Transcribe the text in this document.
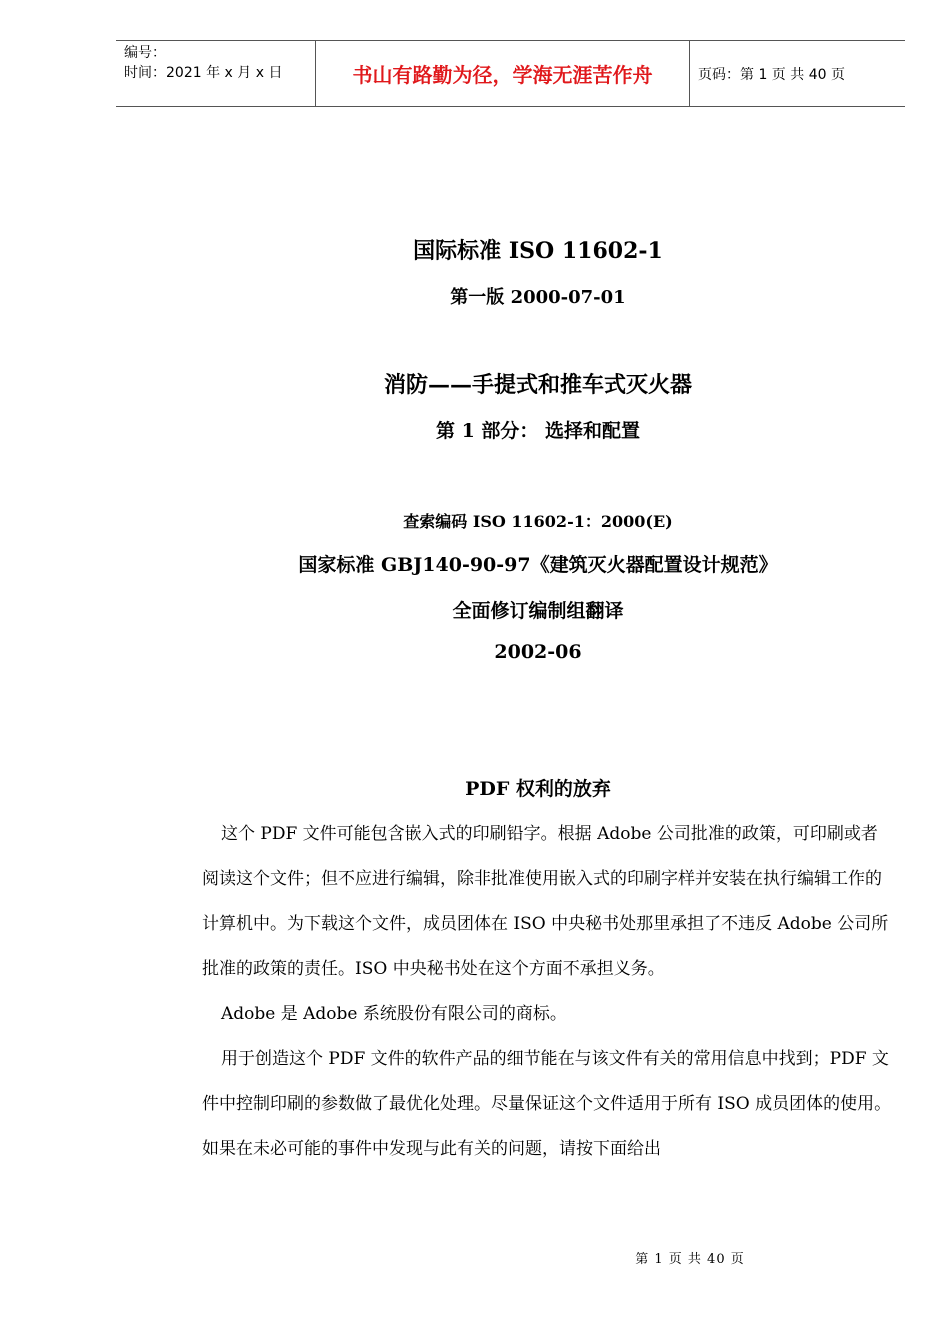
编号：
时间：2021 年 x 月 x 日	书山有路勤为径，学海无涯苦作舟	页码：第 1 页 共 40 页
国际标准 ISO 11602-1
第一版 2000-07-01
消防——手提式和推车式灭火器
第 1 部分： 选择和配置
查索编码 ISO 11602-1：2000(E)
国家标准 GBJ140-90-97《建筑灭火器配置设计规范》
全面修订编制组翻译
2002-06
PDF 权利的放弃

这个 PDF 文件可能包含嵌入式的印刷铅字。根据 Adobe 公司批准的政策，可印刷或者阅读这个文件；但不应进行编辑，除非批准使用嵌入式的印刷字样并安装在执行编辑工作的计算机中。为下载这个文件，成员团体在 ISO 中央秘书处那里承担了不违反 Adobe 公司所批准的政策的责任。ISO 中央秘书处在这个方面不承担义务。

Adobe 是 Adobe 系统股份有限公司的商标。

用于创造这个 PDF 文件的软件产品的细节能在与该文件有关的常用信息中找到；PDF 文件中控制印刷的参数做了最优化处理。尽量保证这个文件适用于所有 ISO 成员团体的使用。如果在未必可能的事件中发现与此有关的问题，请按下面给出

第 1 页 共 40 页
